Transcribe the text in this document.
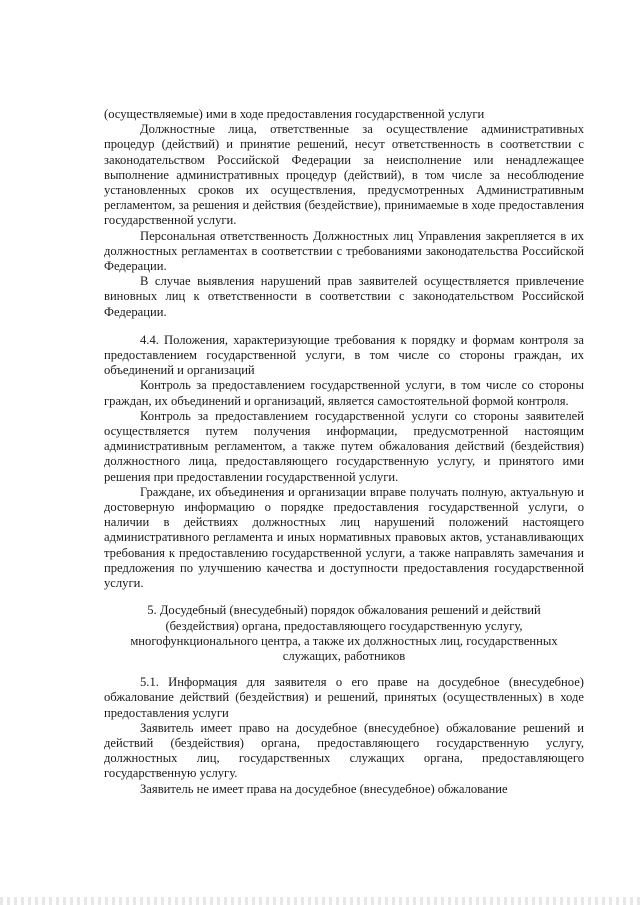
(осуществляемые) ими в ходе предоставления государственной услуги

Должностные лица, ответственные за осуществление административных процедур (действий) и принятие решений, несут ответственность в соответствии с законодательством Российской Федерации за неисполнение или ненадлежащее выполнение административных процедур (действий), в том числе за несоблюдение установленных сроков их осуществления, предусмотренных Административным регламентом, за решения и действия (бездействие), принимаемые в ходе предоставления государственной услуги.

Персональная ответственность Должностных лиц Управления закрепляется в их должностных регламентах в соответствии с требованиями законодательства Российской Федерации.

В случае выявления нарушений прав заявителей осуществляется привлечение виновных лиц к ответственности в соответствии с законодательством Российской Федерации.

4.4. Положения, характеризующие требования к порядку и формам контроля за предоставлением государственной услуги, в том числе со стороны граждан, их объединений и организаций

Контроль за предоставлением государственной услуги, в том числе со стороны граждан, их объединений и организаций, является самостоятельной формой контроля.

Контроль за предоставлением государственной услуги со стороны заявителей осуществляется путем получения информации, предусмотренной настоящим административным регламентом, а также путем обжалования действий (бездействия) должностного лица, предоставляющего государственную услугу, и принятого ими решения при предоставлении государственной услуги.

Граждане, их объединения и организации вправе получать полную, актуальную и достоверную информацию о порядке предоставления государственной услуги, о наличии в действиях должностных лиц нарушений положений настоящего административного регламента и иных нормативных правовых актов, устанавливающих требования к предоставлению государственной услуги, а также направлять замечания и предложения по улучшению качества и доступности предоставления государственной услуги.

5. Досудебный (внесудебный) порядок обжалования решений и действий (бездействия) органа, предоставляющего государственную услугу, многофункционального центра, а также их должностных лиц, государственных служащих, работников

5.1. Информация для заявителя о его праве на досудебное (внесудебное) обжалование действий (бездействия) и решений, принятых (осуществленных) в ходе предоставления услуги

Заявитель имеет право на досудебное (внесудебное) обжалование решений и действий (бездействия) органа, предоставляющего государственную услугу, должностных лиц, государственных служащих органа, предоставляющего государственную услугу.

Заявитель не имеет права на досудебное (внесудебное) обжалование
